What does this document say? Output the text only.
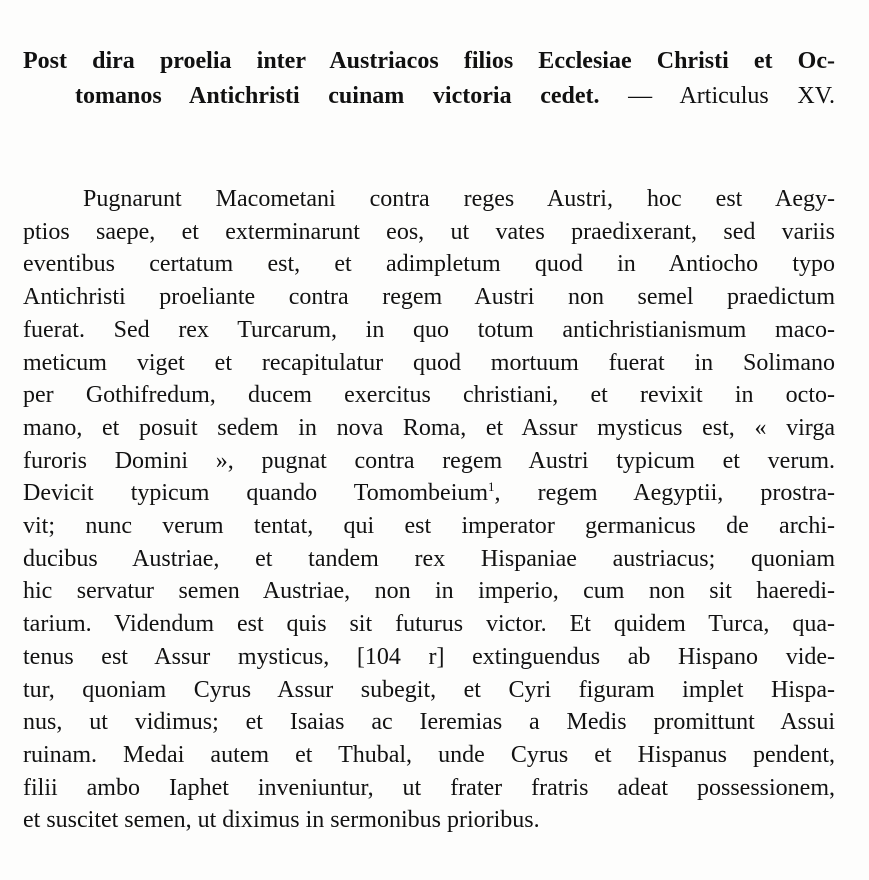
Post dira proelia inter Austriacos filios Ecclesiae Christi et Oc-
tomanos Antichristi cuinam victoria cedet. — Articulus XV.
Pugnarunt Macometani contra reges Austri, hoc est Aegy-
ptios saepe, et exterminarunt eos, ut vates praedixerant, sed variis
eventibus certatum est, et adimpletum quod in Antiocho typo
Antichristi proeliante contra regem Austri non semel praedictum
fuerat. Sed rex Turcarum, in quo totum antichristianismum maco-
meticum viget et recapitulatur quod mortuum fuerat in Solimano
per Gothifredum, ducem exercitus christiani, et revixit in octo-
mano, et posuit sedem in nova Roma, et Assur mysticus est, « virga
furoris Domini », pugnat contra regem Austri typicum et verum.
Devicit typicum quando Tomombeium$^1$, regem Aegyptii, prostra-
vit; nunc verum tentat, qui est imperator germanicus de archi-
ducibus Austriae, et tandem rex Hispaniae austriacus; quoniam
hic servatur semen Austriae, non in imperio, cum non sit haeredi-
tarium. Videndum est quis sit futurus victor. Et quidem Turca, qua-
tenus est Assur mysticus, [104 r] extinguendus ab Hispano vide-
tur, quoniam Cyrus Assur subegit, et Cyri figuram implet Hispa-
nus, ut vidimus; et Isaias ac Ieremias a Medis promittunt Assui
ruinam. Medai autem et Thubal, unde Cyrus et Hispanus pendent,
filii ambo Iaphet inveniuntur, ut frater fratris adeat possessionem,
et suscitet semen, ut diximus in sermonibus prioribus.
